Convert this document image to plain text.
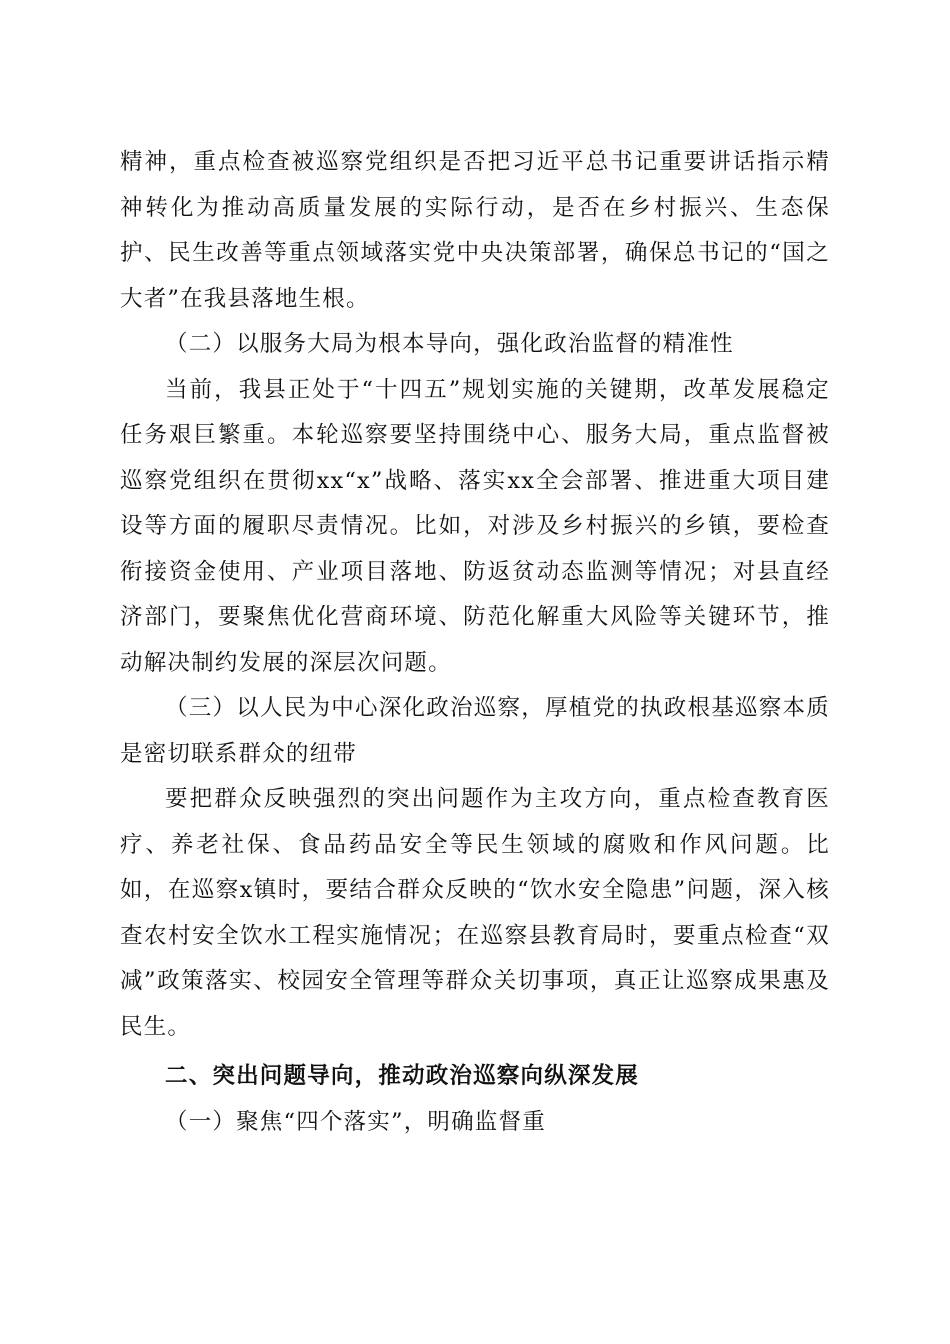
精神，重点检查被巡察党组织是否把习近平总书记重要讲话指示精神转化为推动高质量发展的实际行动，是否在乡村振兴、生态保护、民生改善等重点领域落实党中央决策部署，确保总书记的“国之大者”在我县落地生根。

（二）以服务大局为根本导向，强化政治监督的精准性

当前，我县正处于“十四五”规划实施的关键期，改革发展稳定任务艰巨繁重。本轮巡察要坚持围绕中心、服务大局，重点监督被巡察党组织在贯彻xx“x”战略、落实xx全会部署、推进重大项目建设等方面的履职尽责情况。比如，对涉及乡村振兴的乡镇，要检查衔接资金使用、产业项目落地、防返贫动态监测等情况；对县直经济部门，要聚焦优化营商环境、防范化解重大风险等关键环节，推动解决制约发展的深层次问题。

（三）以人民为中心深化政治巡察，厚植党的执政根基巡察本质是密切联系群众的纽带

要把群众反映强烈的突出问题作为主攻方向，重点检查教育医疗、养老社保、食品药品安全等民生领域的腐败和作风问题。比如，在巡察x镇时，要结合群众反映的“饮水安全隐患”问题，深入核查农村安全饮水工程实施情况；在巡察县教育局时，要重点检查“双减”政策落实、校园安全管理等群众关切事项，真正让巡察成果惠及民生。

二、突出问题导向，推动政治巡察向纵深发展

（一）聚焦“四个落实”，明确监督重
